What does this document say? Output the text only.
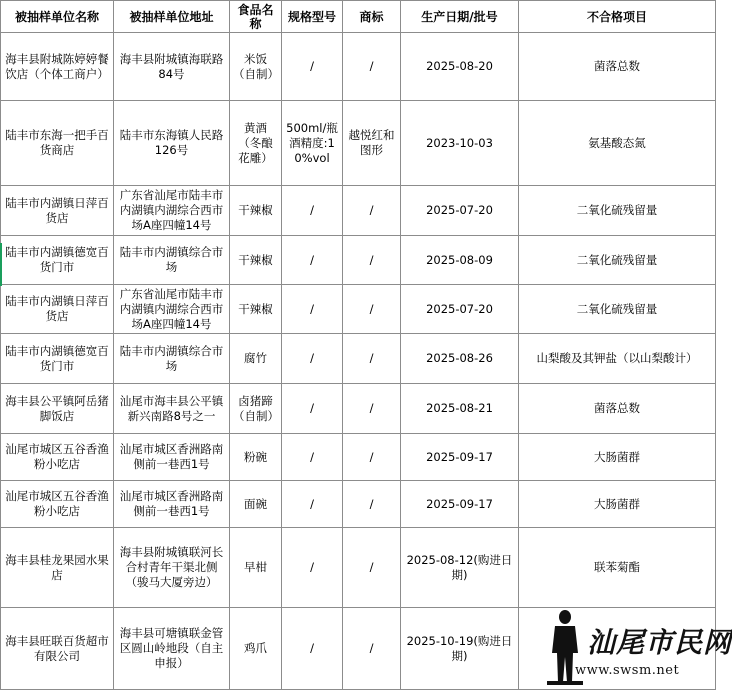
被抽样单位名称	被抽样单位地址	食品名称	规格型号	商标	生产日期/批号	不合格项目
海丰县附城陈婷婷餐饮店（个体工商户）	海丰县附城镇海联路84号	米饭（自制）	/	/	2025-08-20	菌落总数
陆丰市东海一把手百货商店	陆丰市东海镇人民路126号	黄酒（冬酿花雕）	500ml/瓶 酒精度:10%vol	越悦红和图形	2023-10-03	氨基酸态氮
陆丰市内湖镇日萍百货店	广东省汕尾市陆丰市内湖镇内湖综合西市场A座四幢14号	干辣椒	/	/	2025-07-20	二氧化硫残留量
陆丰市内湖镇德宽百货门市	陆丰市内湖镇综合市场	干辣椒	/	/	2025-08-09	二氧化硫残留量
陆丰市内湖镇日萍百货店	广东省汕尾市陆丰市内湖镇内湖综合西市场A座四幢14号	干辣椒	/	/	2025-07-20	二氧化硫残留量
陆丰市内湖镇德宽百货门市	陆丰市内湖镇综合市场	腐竹	/	/	2025-08-26	山梨酸及其钾盐（以山梨酸计）
海丰县公平镇阿岳猪脚饭店	汕尾市海丰县公平镇新兴南路8号之一	卤猪蹄（自制）	/	/	2025-08-21	菌落总数
汕尾市城区五谷香渔粉小吃店	汕尾市城区香洲路南侧前一巷西1号	粉碗	/	/	2025-09-17	大肠菌群
汕尾市城区五谷香渔粉小吃店	汕尾市城区香洲路南侧前一巷西1号	面碗	/	/	2025-09-17	大肠菌群
海丰县桂龙果园水果店	海丰县附城镇联河长合村青年干渠北侧（骏马大厦旁边）	早柑	/	/	2025-08-12(购进日期)	联苯菊酯
海丰县旺联百货超市有限公司	海丰县可塘镇联金管区圆山岭地段（自主申报）	鸡爪	/	/	2025-10-19(购进日期)		汕尾市民网
www.swsm.net
